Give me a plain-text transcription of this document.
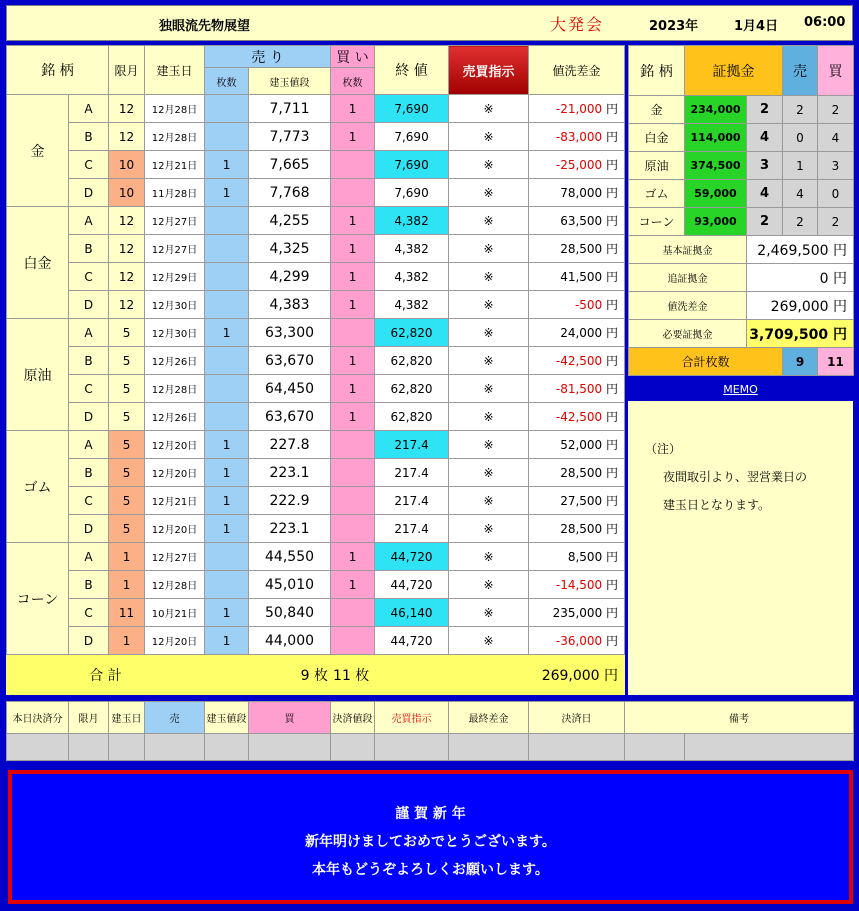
独眼流先物展望	大発会	2023年	1月4日 06:00
銘 柄		限月	建玉日	売 り		買 い	終 値	売買指示	値洗差金
				枚数	建玉値段	枚数			
金	A	12	12月28日		7,711	1	7,690	※	-21,000 円
	B	12	12月28日		7,773	1	7,690	※	-83,000 円
	C	10	12月21日	1	7,665		7,690	※	-25,000 円
	D	10	11月28日	1	7,768		7,690	※	78,000 円
白金	A	12	12月27日		4,255	1	4,382	※	63,500 円
	B	12	12月27日		4,325	1	4,382	※	28,500 円
	C	12	12月29日		4,299	1	4,382	※	41,500 円
	D	12	12月30日		4,383	1	4,382	※	-500 円
原油	A	5	12月30日	1	63,300		62,820	※	24,000 円
	B	5	12月26日		63,670	1	62,820	※	-42,500 円
	C	5	12月28日		64,450	1	62,820	※	-81,500 円
	D	5	12月26日		63,670	1	62,820	※	-42,500 円
ゴム	A	5	12月20日	1	227.8		217.4	※	52,000 円
	B	5	12月20日	1	223.1		217.4	※	28,500 円
	C	5	12月21日	1	222.9		217.4	※	27,500 円
	D	5	12月20日	1	223.1		217.4	※	28,500 円
コーン	A	1	12月27日		44,550	1	44,720	※	8,500 円
	B	1	12月28日		45,010	1	44,720	※	-14,500 円
	C	11	10月21日	1	50,840		46,140	※	235,000 円
	D	1	12月20日	1	44,000		44,720	※	-36,000 円
合 計				9 枚		11 枚			269,000 円
銘 柄	証拠金		売	買
金	234,000	2	2	2
白金	114,000	4	0	4
原油	374,500	3	1	3
ゴム	59,000	4	4	0
コーン	93,000	2	2	2
合計枚数			9	11
基本証拠金		2,469,500 円		
追証拠金		0 円		
値洗差金		269,000 円		
必要証拠金		3,709,500 円		
MEMO
（注）
夜間取引より、翌営業日の
建玉日となります。
本日決済分	限月	建玉日	売	建玉値段	買	決済値段	売買指示	最終差金	決済日	備考	

謹 賀 新 年
新年明けましておめでとうございます。
本年もどうぞよろしくお願いします。
